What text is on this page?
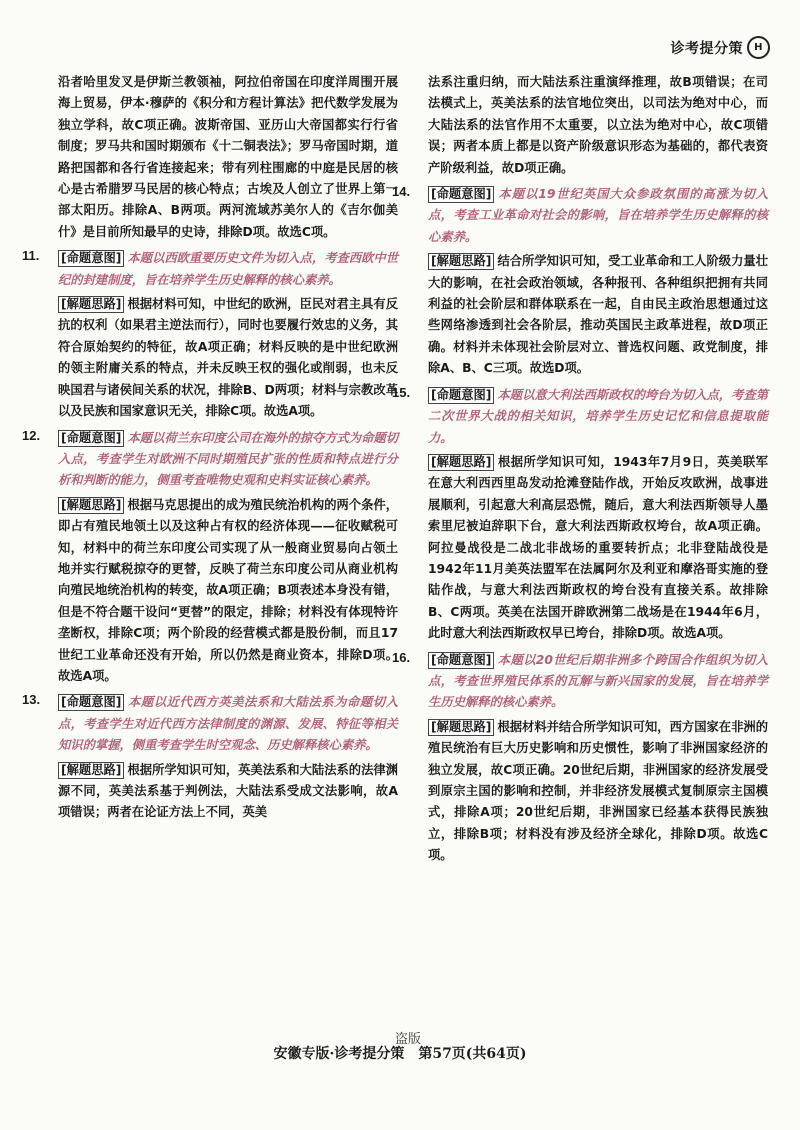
诊考提分策	H

沿者哈里发叉是伊斯兰教领袖，阿拉伯帝国在印度洋周围开展海上贸易，伊本·穆萨的《积分和方程计算法》把代数学发展为独立学科，故C项正确。波斯帝国、亚历山大帝国都实行行省制度；罗马共和国时期颁布《十二铜表法》；罗马帝国时期，道路把国都和各行省连接起来；带有列柱围廊的中庭是民居的核心是古希腊罗马民居的核心特点；古埃及人创立了世界上第一部太阳历。排除A、B两项。两河流域苏美尔人的《吉尔伽美什》是目前所知最早的史诗，排除D项。故选C项。

11. [命题意图] 本题以西欧重要历史文件为切入点，考查西欧中世纪的封建制度，旨在培养学生历史解释的核心素养。

[解题思路] 根据材料可知，中世纪的欧洲，臣民对君主具有反抗的权利（如果君主逆法而行），同时也要履行效忠的义务，其符合原始契约的特征，故A项正确；材料反映的是中世纪欧洲的领主附庸关系的特点，并未反映王权的强化或削弱，也未反映国君与诸侯间关系的状况，排除B、D两项；材料与宗教改革以及民族和国家意识无关，排除C项。故选A项。

12. [命题意图] 本题以荷兰东印度公司在海外的掠夺方式为命题切入点，考查学生对欧洲不同时期殖民扩张的性质和特点进行分析和判断的能力，侧重考查唯物史观和史料实证核心素养。

[解题思路] 根据马克思提出的成为殖民统治机构的两个条件，即占有殖民地领土以及这种占有权的经济体现——征收赋税可知，材料中的荷兰东印度公司实现了从一般商业贸易向占领土地并实行赋税掠夺的更替，反映了荷兰东印度公司从商业机构向殖民地统治机构的转变，故A项正确；B项表述本身没有错，但是不符合题干设问“更替”的限定，排除；材料没有体现特许垄断权，排除C项；两个阶段的经营模式都是股份制，而且17世纪工业革命还没有开始，所以仍然是商业资本，排除D项。故选A项。

13. [命题意图] 本题以近代西方英美法系和大陆法系为命题切入点，考查学生对近代西方法律制度的渊源、发展、特征等相关知识的掌握，侧重考查学生时空观念、历史解释核心素养。

[解题思路] 根据所学知识可知，英美法系和大陆法系的法律渊源不同，英美法系基于判例法，大陆法系受成文法影响，故A项错误；两者在论证方法上不同，英美

法系注重归纳，而大陆法系注重演绎推理，故B项错误；在司法模式上，英美法系的法官地位突出，以司法为绝对中心，而大陆法系的法官作用不太重要，以立法为绝对中心，故C项错误；两者本质上都是以资产阶级意识形态为基础的，都代表资产阶级利益，故D项正确。

14. [命题意图] 本题以19世纪英国大众参政氛围的高涨为切入点，考查工业革命对社会的影响，旨在培养学生历史解释的核心素养。

[解题思路] 结合所学知识可知，受工业革命和工人阶级力量壮大的影响，在社会政治领域，各种报刊、各种组织把拥有共同利益的社会阶层和群体联系在一起，自由民主政治思想通过这些网络渗透到社会各阶层，推动英国民主政革进程，故D项正确。材料并未体现社会阶层对立、普选权问题、政党制度，排除A、B、C三项。故选D项。

15. [命题意图] 本题以意大利法西斯政权的垮台为切入点，考查第二次世界大战的相关知识，培养学生历史记忆和信息提取能力。

[解题思路] 根据所学知识可知，1943年7月9日，英美联军在意大利西西里岛发动抢滩登陆作战，开始反攻欧洲，战事进展顺利，引起意大利高层恐慌，随后，意大利法西斯领导人墨索里尼被迫辞职下台，意大利法西斯政权垮台，故A项正确。阿拉曼战役是二战北非战场的重要转折点；北非登陆战役是1942年11月美英法盟军在法属阿尔及利亚和摩洛哥实施的登陆作战，与意大利法西斯政权的垮台没有直接关系。故排除B、C两项。英美在法国开辟欧洲第二战场是在1944年6月，此时意大利法西斯政权早已垮台，排除D项。故选A项。

16. [命题意图] 本题以20世纪后期非洲多个跨国合作组织为切入点，考查世界殖民体系的瓦解与新兴国家的发展，旨在培养学生历史解释的核心素养。

[解题思路] 根据材料并结合所学知识可知，西方国家在非洲的殖民统治有巨大历史影响和历史惯性，影响了非洲国家经济的独立发展，故C项正确。20世纪后期，非洲国家的经济发展受到原宗主国的影响和控制，并非经济发展模式复制原宗主国模式，排除A项；20世纪后期，非洲国家已经基本获得民族独立，排除B项；材料没有涉及经济全球化，排除D项。故选C项。

盗版
安徽专版·诊考提分策　第57页(共64页)
